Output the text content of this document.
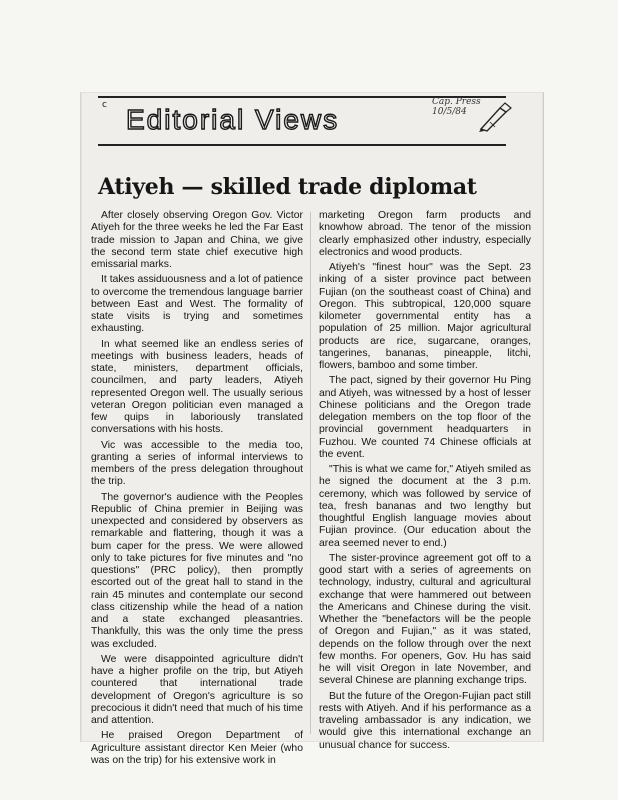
c Editorial Views
Cap. Press
10/5/84
Atiyeh — skilled trade diplomat

After closely observing Oregon Gov. Victor Atiyeh for the three weeks he led the Far East trade mission to Japan and China, we give the second term state chief executive high emissarial marks.

It takes assiduousness and a lot of patience to overcome the tremendous language barrier between East and West. The formality of state visits is trying and sometimes exhausting.

In what seemed like an endless series of meetings with business leaders, heads of state, ministers, department officials, councilmen, and party leaders, Atiyeh represented Oregon well. The usually serious veteran Oregon politician even managed a few quips in laboriously translated conversations with his hosts.

Vic was accessible to the media too, granting a series of informal interviews to members of the press delegation throughout the trip.

The governor's audience with the Peoples Republic of China premier in Beijing was unexpected and considered by observers as remarkable and flattering, though it was a bum caper for the press. We were allowed only to take pictures for five minutes and "no questions" (PRC policy), then promptly escorted out of the great hall to stand in the rain 45 minutes and contemplate our second class citizenship while the head of a nation and a state exchanged pleasantries. Thankfully, this was the only time the press was excluded.

We were disappointed agriculture didn't have a higher profile on the trip, but Atiyeh countered that international trade development of Oregon's agriculture is so precocious it didn't need that much of his time and attention.

He praised Oregon Department of Agriculture assistant director Ken Meier (who was on the trip) for his extensive work in

marketing Oregon farm products and knowhow abroad. The tenor of the mission clearly emphasized other industry, especially electronics and wood products.

Atiyeh's "finest hour" was the Sept. 23 inking of a sister province pact between Fujian (on the southeast coast of China) and Oregon. This subtropical, 120,000 square kilometer governmental entity has a population of 25 million. Major agricultural products are rice, sugarcane, oranges, tangerines, bananas, pineapple, litchi, flowers, bamboo and some timber.

The pact, signed by their governor Hu Ping and Atiyeh, was witnessed by a host of lesser Chinese politicians and the Oregon trade delegation members on the top floor of the provincial government headquarters in Fuzhou. We counted 74 Chinese officials at the event.

"This is what we came for," Atiyeh smiled as he signed the document at the 3 p.m. ceremony, which was followed by service of tea, fresh bananas and two lengthy but thoughtful English language movies about Fujian province. (Our education about the area seemed never to end.)

The sister-province agreement got off to a good start with a series of agreements on technology, industry, cultural and agricultural exchange that were hammered out between the Americans and Chinese during the visit. Whether the "benefactors will be the people of Oregon and Fujian," as it was stated, depends on the follow through over the next few months. For openers, Gov. Hu has said he will visit Oregon in late November, and several Chinese are planning exchange trips.

But the future of the Oregon-Fujian pact still rests with Atiyeh. And if his performance as a traveling ambassador is any indication, we would give this international exchange an unusual chance for success.
